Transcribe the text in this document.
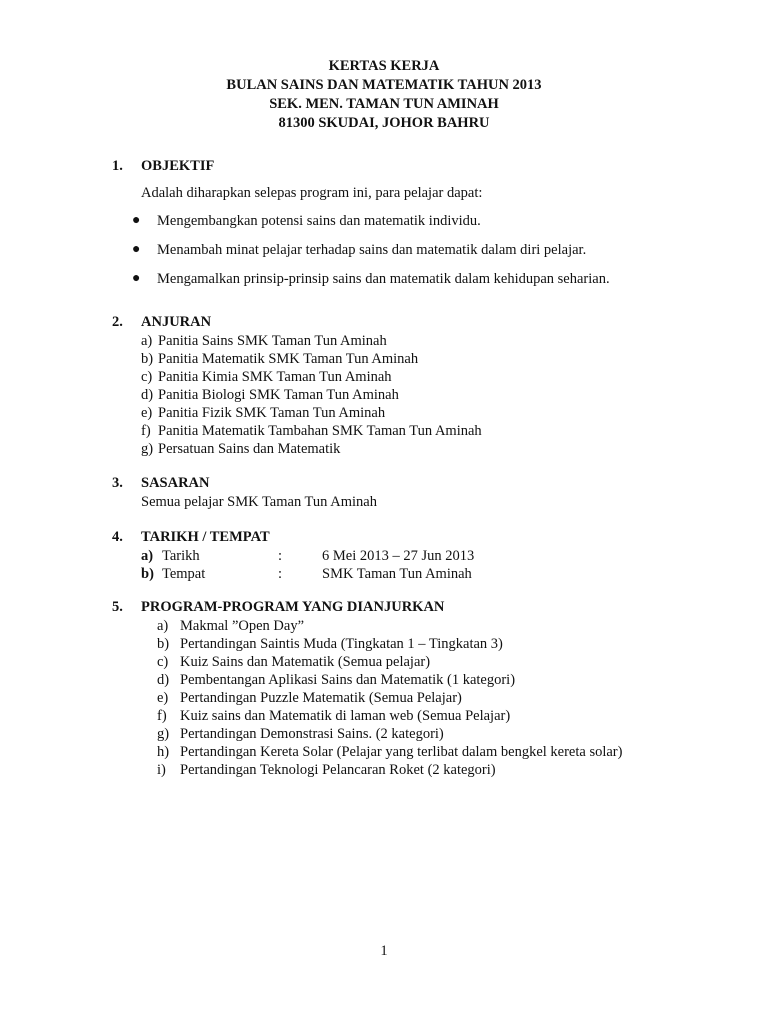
KERTAS KERJA
BULAN SAINS DAN MATEMATIK TAHUN 2013
SEK. MEN. TAMAN TUN AMINAH
81300 SKUDAI, JOHOR BAHRU
1. OBJEKTIF
Adalah diharapkan selepas program ini, para pelajar dapat:
● Mengembangkan potensi sains dan matematik individu.
● Menambah minat pelajar terhadap sains dan matematik dalam diri pelajar.
● Mengamalkan prinsip-prinsip sains dan matematik dalam kehidupan seharian.
2. ANJURAN
a) Panitia Sains SMK Taman Tun Aminah
b) Panitia Matematik SMK Taman Tun Aminah
c) Panitia Kimia SMK Taman Tun Aminah
d) Panitia Biologi SMK Taman Tun Aminah
e) Panitia Fizik SMK Taman Tun Aminah
f) Panitia Matematik Tambahan SMK Taman Tun Aminah
g) Persatuan Sains dan Matematik
3. SASARAN
Semua pelajar SMK Taman Tun Aminah
4. TARIKH / TEMPAT
a) Tarikh	:	6 Mei 2013 – 27 Jun 2013
b) Tempat	:	SMK Taman Tun Aminah
5. PROGRAM-PROGRAM YANG DIANJURKAN
a) Makmal ”Open Day”
b) Pertandingan Saintis Muda (Tingkatan 1 – Tingkatan 3)
c) Kuiz Sains dan Matematik (Semua pelajar)
d) Pembentangan Aplikasi Sains dan Matematik (1 kategori)
e) Pertandingan Puzzle Matematik (Semua Pelajar)
f) Kuiz sains dan Matematik di laman web (Semua Pelajar)
g) Pertandingan Demonstrasi Sains. (2 kategori)
h) Pertandingan Kereta Solar (Pelajar yang terlibat dalam bengkel kereta solar)
i) Pertandingan Teknologi Pelancaran Roket (2 kategori)
1
